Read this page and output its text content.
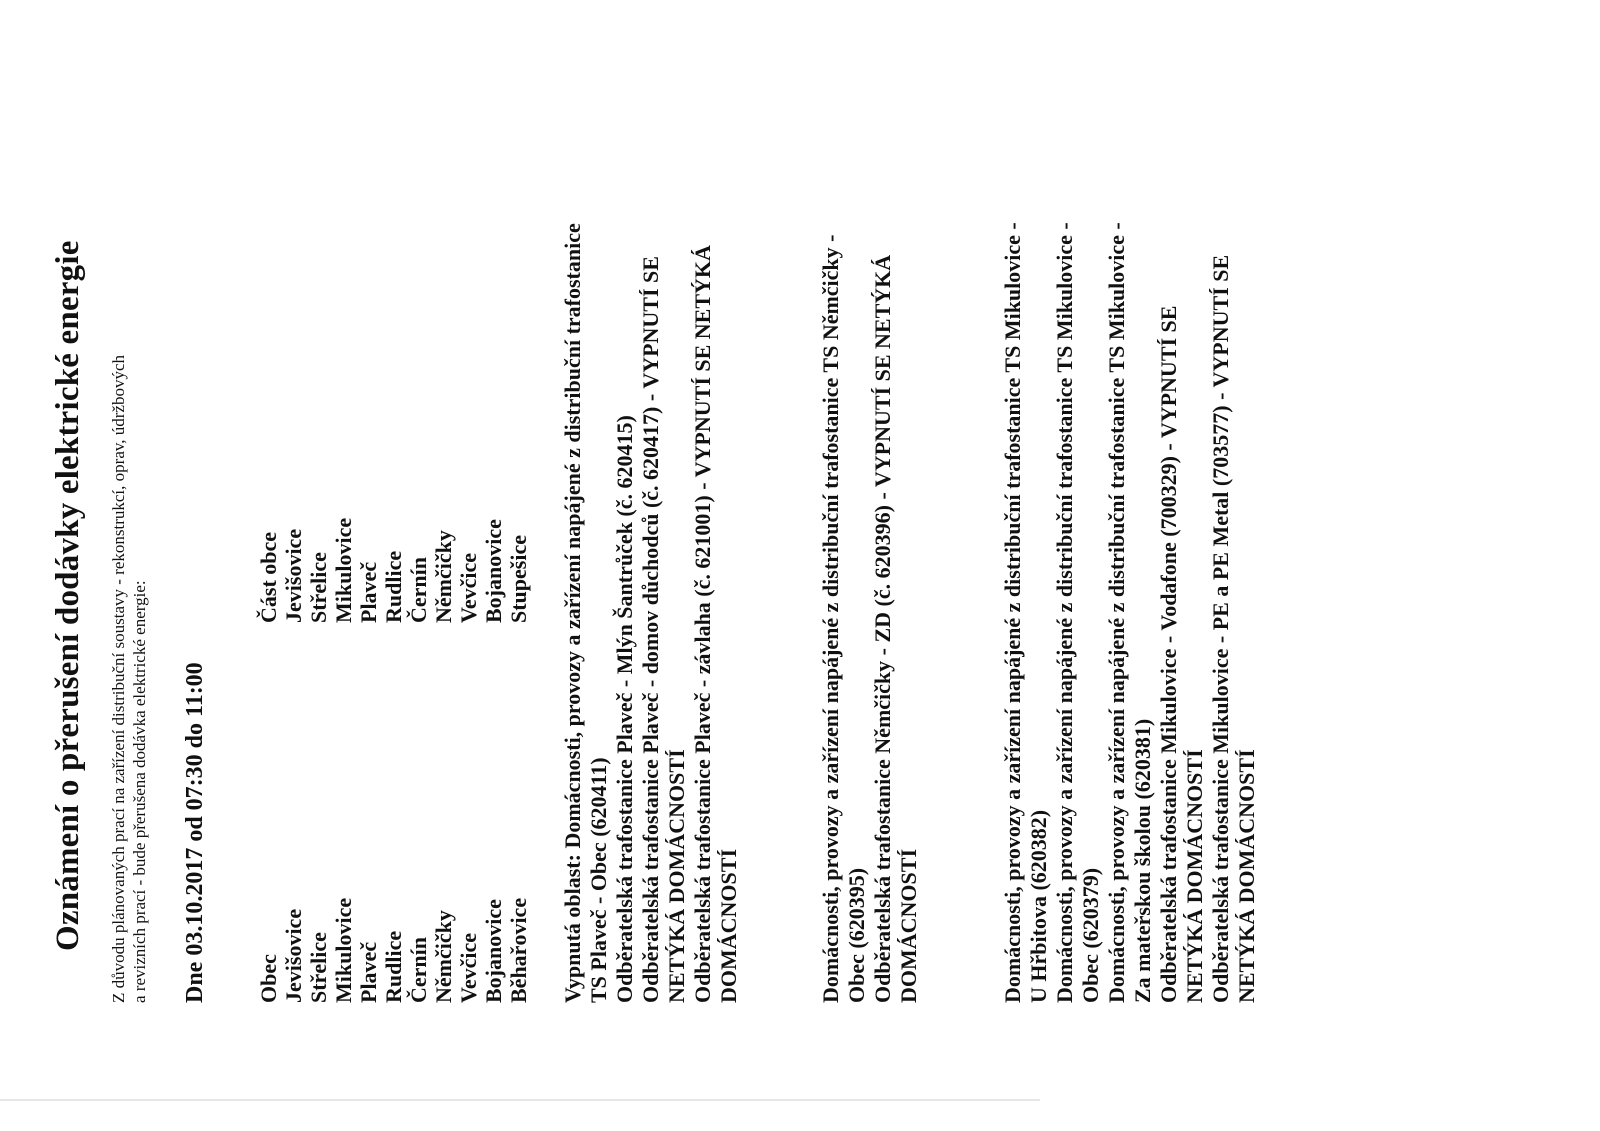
Oznámení o přerušení dodávky elektrické energie Z důvodu plánovaných prací na zařízení distribuční soustavy - rekonstrukcí, oprav, údržbových a revizních prací - bude přerušena dodávka elektrické energie: Dne 03.10.2017 od 07:30 do 11:00 Obec Jevišovice Střelice Mikulovice Plaveč Rudlice Černín Němčičky Vevčice Bojanovice Běhařovice
Část obce Jevišovice Střelice Mikulovice Plaveč Rudlice Černín Němčičky Vevčice Bojanovice Stupešice Vypnutá oblast: Domácnosti, provozy a zařízení napájené z distribuční trafostanice TS Plaveč - Obec (620411) Odběratelská trafostanice Plaveč - Mlýn Šantrůček (č. 620415) Odběratelská trafostanice Plaveč - domov důchodců (č. 620417) - VYPNUTÍ SE NETÝKÁ DOMÁCNOSTÍ Odběratelská trafostanice Plaveč - závlaha (č. 621001) - VYPNUTÍ SE NETÝKÁ DOMÁCNOSTÍ	Domácnosti, provozy a zařízení napájené z distribuční trafostanice TS Němčičky - Obec (620395) Odběratelská trafostanice Němčičky - ZD (č. 620396) - VYPNUTÍ SE NETÝKÁ DOMÁCNOSTÍ	Domácnosti, provozy a zařízení napájené z distribuční trafostanice TS Mikulovice - U Hřbitova (620382) Domácnosti, provozy a zařízení napájené z distribuční trafostanice TS Mikulovice - Obec (620379) Domácnosti, provozy a zařízení napájené z distribuční trafostanice TS Mikulovice - Za mateřskou školou (620381) Odběratelská trafostanice Mikulovice - Vodafone (700329) - VYPNUTÍ SE NETÝKÁ DOMÁCNOSTÍ Odběratelská trafostanice Mikulovice - PE a PE Metal (703577) - VYPNUTÍ SE NETÝKÁ DOMÁCNOSTÍ
